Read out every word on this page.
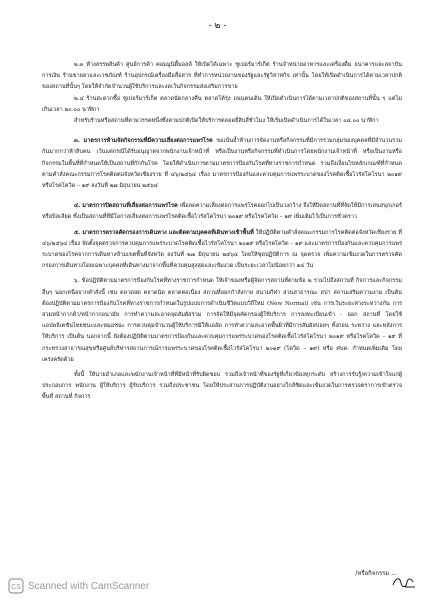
- ๒ -

๒.๓ ห้างสรรพสินค้า ศูนย์การค้า คอมมูนิตี้มอลล์ ให้เปิดได้เฉพาะ ซูเปอร์มาร์เก็ต ร้านจำหน่ายอาหารและเครื่องดื่ม ธนาคารและสถาบันการเงิน ร้านขายยาและเวชภัณฑ์ ร้านอุปกรณ์เครื่องมือสื่อสาร ที่ทำการหน่วยงานของรัฐและรัฐวิสาหกิจ เท่านั้น โดยให้เปิดดำเนินการได้ตามเวลาปกติของสถานที่นั้นๆ โดยให้จำกัดจำนวนผู้ใช้บริการและงดเว้นกิจกรรมส่งเสริมการขาย

๒.๔ ร้านสะดวกซื้อ ซูเปอร์มาร์เก็ต ตลาดนัดกลางคืน ตลาดโต้รุ่ง ถนนคนเดิน ให้เปิดดำเนินการได้ตามเวลาปกติของสถานที่นั้น ๆ แต่ไม่เกินเวลา ๒๐.๐๐ นาฬิกา

สำหรับร้านหรือสถานที่ตามวรรคหนึ่งซึ่งตามปกติเปิดให้บริการตลอดยี่สิบสี่ชั่วโมง ให้เริ่มเปิดดำเนินการได้ในเวลา ๐๔.๐๐ นาฬิกา

๓. มาตรการห้ามจัดกิจกรรมที่มีความเสี่ยงต่อการแพร่โรค ขอเน้นย้ำห้ามการจัดงานหรือกิจกรรมที่มีการรวมกลุ่มของบุคคลที่มีจำนวนรวมกันมากกว่าห้าสิบคน เว้นแต่กรณีได้รับอนุญาตจากพนักงานเจ้าหน้าที่ หรือเป็นงานหรือกิจกรรมที่ดำเนินการโดยพนักงานเจ้าหน้าที่ หรือเป็นงานหรือกิจกรรมในพื้นที่ที่กำหนดให้เป็นสถานที่กักกันโรค โดยให้ดำเนินการตามมาตรการป้องกันโรคที่ทางราชการกำหนด รวมถึงเงื่อนไขหลักเกณฑ์ที่กำหนดตามคำสั่งคณะกรรมการโรคติดต่อจังหวัดเชียงราย ที่ ๔๖/๒๕๖๔ เรื่อง มาตรการป้องกันและควบคุมการแพร่ระบาดของโรคติดเชื้อไวรัสโคโรนา ๒๐๑๙ หรือโรคโควิด – ๑๙ ลงวันที่ ๒๗ มิถุนายน ๒๕๖๔

๔. มาตรการปิดสถานที่เสี่ยงต่อการแพร่โรค เพื่อลดความเสี่ยงต่อการแพร่โรคออกไปเป็นวงกว้าง จึงให้ปิดสถานที่ที่จัดให้มีการเล่นสนุกเกอร์ หรือบิลเลียด ซึ่งเป็นสถานที่ที่มีโอกาสเสี่ยงต่อการแพร่โรคติดเชื้อไวรัสโคโรนา ๒๐๑๙ หรือโรคโควิด – ๑๙ เพิ่มเติมไว้เป็นการชั่วคราว

๕. มาตรการตรวจคัดกรองการเดินทาง และติดตามบุคคลที่เดินทางเข้าพื้นที่ ให้ปฏิบัติตามคำสั่งคณะกรรมการโรคติดต่อจังหวัดเชียงราย ที่ ๔๖/๒๕๖๔ เรื่อง จัดตั้งจุดตรวจการควบคุมการแพร่ระบาดโรคติดเชื้อไวรัสโคโรนา ๒๐๑๙ หรือโรคโควิด – ๑๙ และมาตรการป้องกันและควบคุมการแพร่ระบาดของโรคจากการเดินทางข้ามเขตพื้นที่จังหวัด ลงวันที่ ๒๗ มิถุนายน ๒๕๖๔ โดยให้ชุดปฏิบัติการ ณ จุดตรวจ เพิ่มความเข้มงวดในการตรวจคัดกรองการเดินทางโดยเฉพาะบุคคลที่เดินทางมาจากพื้นที่ควบคุมสูงสุดและเข้มงวด เป็นระยะเวลาไม่น้อยกว่า ๑๔ วัน

๖. ข้อปฏิบัติตามมาตรการป้องกันโรคที่ทางราชการกำหนด ให้เจ้าของหรือผู้จัดการสถานที่ตามข้อ ๒ รวมไปถึงสถานที่ กิจการและกิจกรรมอื่นๆ นอกเหนือจากคำสั่งนี้ เช่น ตลาดสด ตลาดนัด ตลาดต่อเนื่อง สถานที่ออกกำลังกาย สนามกีฬา สวนสาธารณะ สปา สถานเสริมความงาม เป็นต้น ต้องปฏิบัติตามมาตรการป้องกันโรคที่ทางราชการกำหนดในรูปแบบการดำเนินชีวิตแบบวิถีใหม่ (New Normal) เช่น การเว้นระยะห่างระหว่างกัน การสวมหน้ากากผ้า/หน้ากากอนามัย การทำความสะอาดจุดสัมผัสร่วม การจัดให้มีจุดคัดกรองผู้ใช้บริการ การลงทะเบียนเข้า - ออก สถานที่ โดยใช้แอปพลิเคชันไทยชนะและหมอชนะ การควบคุมจำนวนผู้ใช้บริการมิให้แออัด การทำความสะอาดพื้นผิวที่มีการสัมผัสบ่อยๆ ทั้งก่อน ระหว่าง และหลังการให้บริการ เป็นต้น นอกจากนี้ ยังต้องปฏิบัติตามมาตรการป้องกันและควบคุมการแพร่ระบาดของโรคติดเชื้อไวรัสโคโรนา ๒๐๑๙ หรือโรคโควิด – ๑๙ ที่กระทรวงสาธารณสุขหรือศูนย์บริหารสถานการณ์การแพร่ระบาดของโรคติดเชื้อไวรัสโคโรนา ๒๐๑๙ (โควิด – ๑๙) หรือ ศบค. กำหนดเพิ่มเติม โดยเคร่งครัดด้วย

ทั้งนี้ ให้นายอำเภอและพนักงานเจ้าหน้าที่ที่มีหน้าที่รับผิดชอบ รวมถึงเจ้าหน้าที่ของรัฐที่เกี่ยวข้องทุกระดับ สร้างการรับรู้/ความเข้าใจแก่ผู้ประกอบการ พนักงาน ผู้ให้บริการ ผู้รับบริการ รวมถึงประชาชน โดยให้ประสานการปฏิบัติงานอย่างใกล้ชิดและเข้มงวดในการตรวจตราการเข้าตรวจพื้นที่ สถานที่ กิจการ

/หรือกิจกรรม ...
CS Scanned with CamScanner
